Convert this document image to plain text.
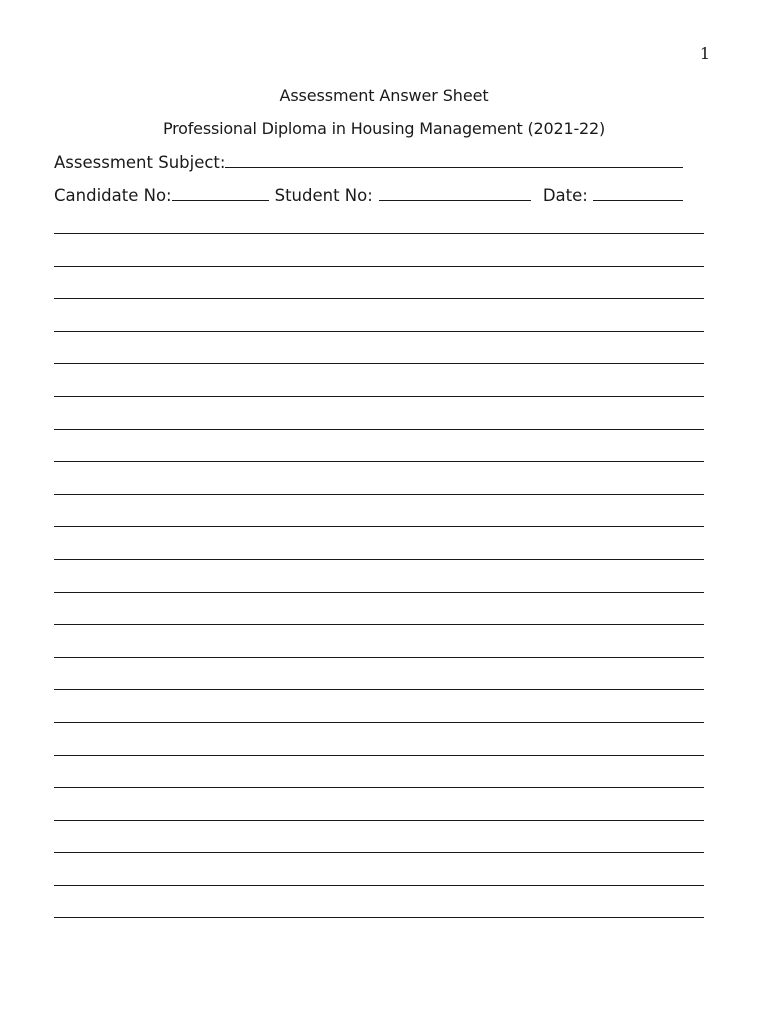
1
Assessment Answer Sheet
Professional Diploma in Housing Management (2021-22)
Assessment Subject:
Candidate No:	Student No:	Date:
